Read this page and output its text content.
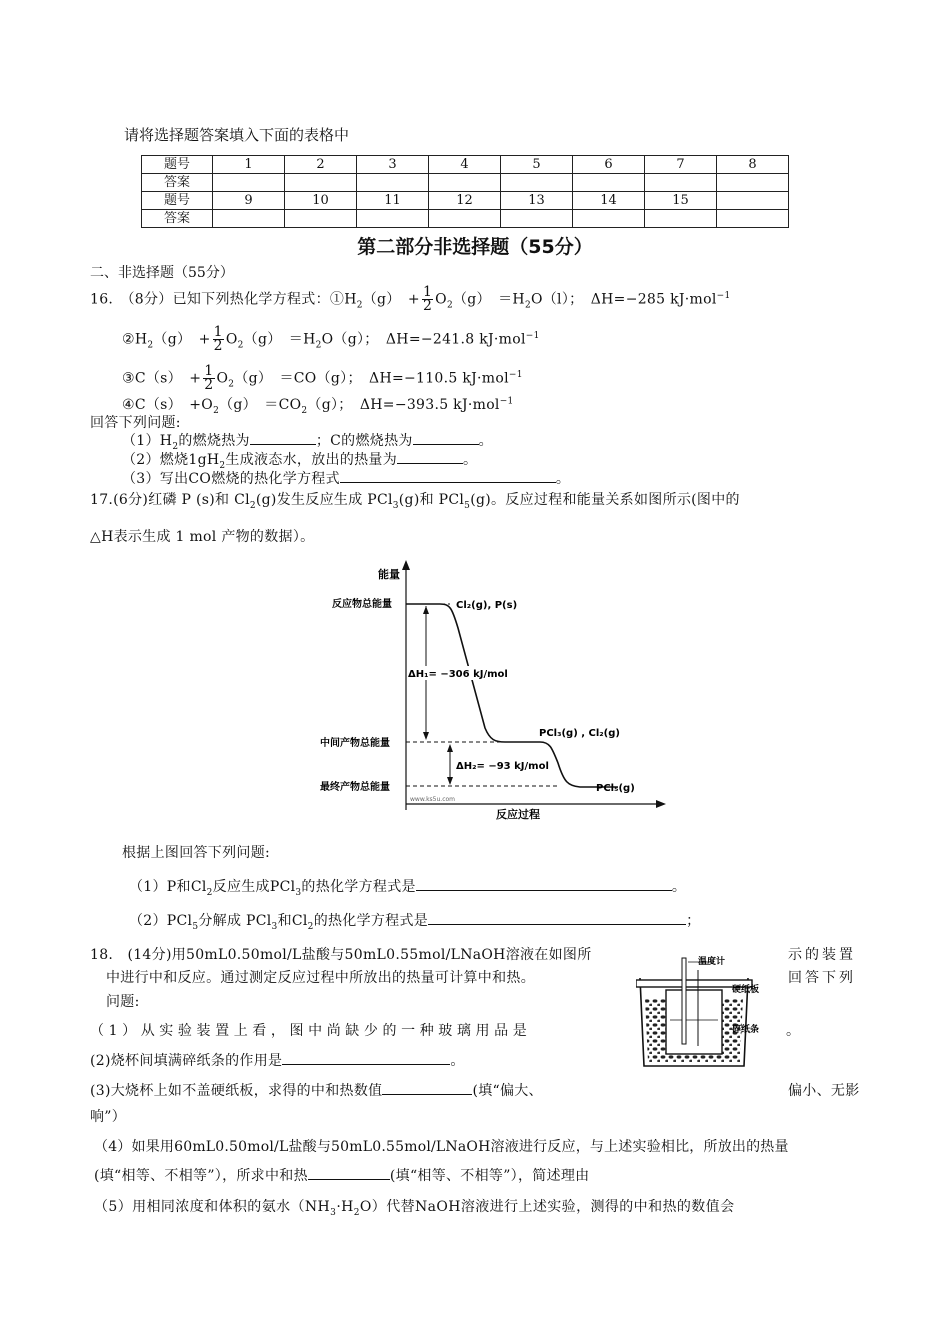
请将选择题答案填入下面的表格中
题号	1	2	3	4	5	6	7	8
答案								
题号	9	10	11	12	13	14	15	
答案								
第二部分非选择题（55分）
二、非选择题（55分）
16.　（8分）已知下列热化学方程式：$①H_2(g)$　+ $\frac{1}{2} O_2(g)$　$=H_2O(l)$；　ΔH=−285 kJ·mol$^{-1}$
$②H_2(g)$　+ $\frac{1}{2} O_2(g)$　$=H_2O(g)$；　ΔH=−241.8 kJ·mol$^{-1}$
③C（s）　+ $\frac{1}{2} O_2(g)$　＝CO（g）；　ΔH=−110.5 kJ·mol$^{-1}$
④C（s）　$+O_2(g)$　$=CO_2(g)$；　ΔH=−393.5 kJ·mol$^{-1}$
回答下列问题:
$(1)H_2$的燃烧热为	；C的燃烧热为	。
（2）燃烧$1gH_2$生成液态水，放出的热量为	。
（3）写出CO燃烧的热化学方程式	。
17.(6分)红磷 P (s)和 $Cl_2(g)$发生反应生成 PCl$_3$(g)和 PCl$_5$(g)。反应过程和能量关系如图所示(图中的
△H表示生成 1 mol 产物的数据）。
能量
反应过程
反应物总能量
中间产物总能量
最终产物总能量
Cl₂(g), P(s)
PCl₃(g) , Cl₂(g)
PCl₅(g)
ΔH₁= −306 kJ/mol
ΔH₂= −93 kJ/mol
www.ks5u.com
根据上图回答下列问题:
（1）P和$Cl_2$反应生成PCl$_3$的热化学方程式是	。
（2）PCl$_5$分解成 PCl$_3$和$Cl_2$的热化学方程式是	；
18.　(14分)用50mL0.50mol/L盐酸与50mL0.55mol/LNaOH溶液在如图所	示的装置
中进行中和反应。通过测定反应过程中所放出的热量可计算中和热。	回答下列
问题:
（1）从实验装置上看，图中尚缺少的一种玻璃用品是	。
(2)烧杯间填满碎纸条的作用是	。
(3)大烧杯上如不盖硬纸板，求得的中和热数值	(填“偏大、	偏小、无影
响”）
（4）如果用60mL0.50mol/L盐酸与50mL0.55mol/LNaOH溶液进行反应，与上述实验相比，所放出的热量
(填“相等、不相等”），所求中和热	(填“相等、不相等”），简述理由
（5）用相同浓度和体积的氨水$(NH_3\cdot H_2O)$代替NaOH溶液进行上述实验，测得的中和热的数值会
温度计
硬纸板
碎纸条
